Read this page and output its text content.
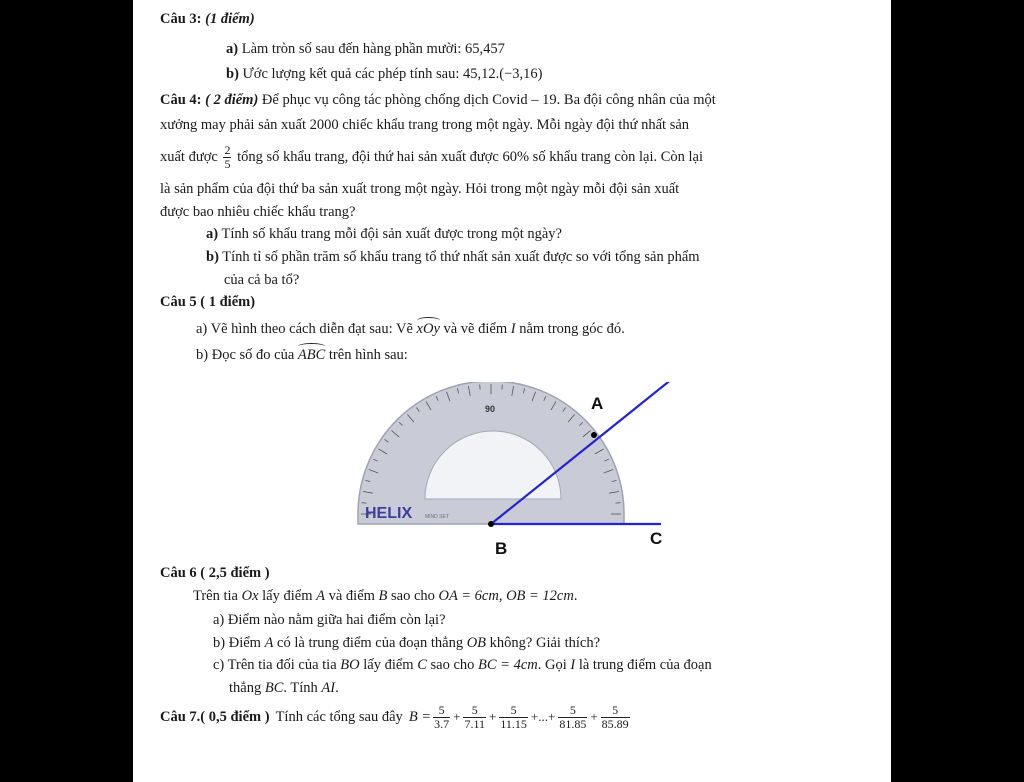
Câu 3: (1 điểm)
a) Làm tròn số sau đến hàng phần mười: 65,457
b) Ước lượng kết quả các phép tính sau: 45,12.(−3,16)
Câu 4: ( 2 điểm) Để phục vụ công tác phòng chống dịch Covid – 19. Ba đội công nhân của một
xưởng may phải sản xuất 2000 chiếc khẩu trang trong một ngày. Mỗi ngày đội thứ nhất sản
xuất được $\frac{2}{5}$ tổng số khẩu trang, đội thứ hai sản xuất được 60% số khẩu trang còn lại. Còn lại
là sản phẩm của đội thứ ba sản xuất trong một ngày. Hỏi trong một ngày mỗi đội sản xuất
được bao nhiêu chiếc khẩu trang?
a) Tính số khẩu trang mỗi đội sản xuất được trong một ngày?
b) Tính tỉ số phần trăm số khẩu trang tổ thứ nhất sản xuất được so với tổng sản phẩm
của cả ba tổ?
Câu 5 ( 1 điểm)
a) Vẽ hình theo cách diễn đạt sau: Vẽ xOy và vẽ điểm I nằm trong góc đó.
b) Đọc số đo của ABC trên hình sau:
90
HELIX	MIND SET
A
B
C
Câu 6 ( 2,5 điểm )
Trên tia Ox lấy điểm A và điểm B sao cho OA = 6cm, OB = 12cm.
a) Điểm nào nằm giữa hai điểm còn lại?
b) Điểm A có là trung điểm của đoạn thẳng OB không? Giải thích?
c) Trên tia đối của tia BO lấy điểm C sao cho BC = 4cm. Gọi I là trung điểm của đoạn
thẳng BC. Tính AI.
Câu 7.( 0,5 điểm ) Tính các tổng sau đây $B = \frac{5}{3.7} + \frac{5}{7.11} + \frac{5}{11.15}$ +...+ $\frac{5}{81.85} + \frac{5}{85.89}$
